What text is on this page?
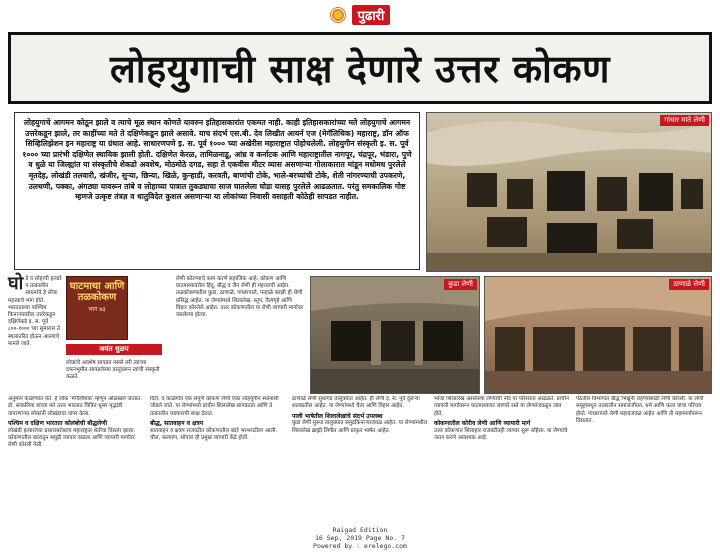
पुढारी
लोहयुगाची साक्ष देणारे उत्तर कोकण

लोहयुगाचे आगमन कोठून झाले व त्याचे मूळ स्थान कोणते यावरुन इतिहासकारांत एकमत नाही. काही इतिहासकारांच्या मते लोहयुगाचे आगमन उत्तरेकडून झाले, तर काहींच्या मते ते दक्षिणेकडून झाले असावे. याच संदर्भ एस.बी. देव लिखीत आयर्न एज (मेगॅलिथिक) महाराष्ट्र, डॉन ऑफ सिव्हिलिझेशन इन महाराष्ट्र या ग्रंथात आहे. साधारणपणे इ. स. पूर्व १००० च्या अखेरीस महाराष्ट्रात पोहोचलेली. लोहयुगीन संस्कृती इ. स. पूर्व १००० च्या प्रारंभी दक्षिणेत स्थायिक झाली होती. दक्षिणेत केरळ, तामिळनाडू, आंध्र व कर्नाटक आणि महाराष्ट्रातील नागपूर, चंद्रपूर, भंडारा, पुणे व धुळे या जिल्ह्यांत या संस्कृतीचे शेकडो अवशेष, मोठमोठे दगड, सहा ते एकवीस मीटर व्यास असणाऱ्या गोलाकारात मांडून मधोमध पुरलेले मृतदेह, लोखंडी तलवारी, खंजीर, सुऱ्या, छिन्या, खिळे, कुऱ्हाडी, करवती, बाणांची टोके, भाले-बरच्यांची टोके, शेती नांगरण्याची उपकरणे, उलथणी, पक्का, अंगठ्या यावरून तांबे व लोहाच्या पात्रात तुकड्याचा साज घातलेला घोडा यासह पुरलेले आढळतात. परंतु समकालिक गोष्ट म्हणजे उत्कृष्ट तंत्रज्ञ व धातुविदेत कुशल असणाऱ्या या लोकांच्या निवासी वसाहती कोठेही सापडत नाहीत.

गांधार माते लेणी
कुडा लेणी	ठाणाळे लेणी
घो डे व लोहाची हत्यारे व तत्कालीन साधनांचे हे लोक महत्त्वाचे भाग होते. भारतातल्या पाश्चिम किनाऱ्यावरील उत्तरेकडून दक्षिणेकडे इ. स. पूर्व ८००-१००० च्या सुमारास ते स्थलांतरित होऊन आल्याचे मानले जाते.
घाटमाथा आणि तळकोकण
भाग ७३
जयंत धुळप
लोकांचे अवशेष सापडत नसले तरी त्यांच्या दफनभूमीत सापडलेल्या वस्तूंवरून त्यांची संस्कृती कळते.
लेणी कोरण्याचे काम करणे सहाजिक आहे. कोकण आणि घाटमाथ्यावरील हिंदू, बौद्ध व जैन लेणी ही महत्त्वाची आहेत. तळकोकणातील कुडा, ठाणाळे, गांधारपाले, पन्हाळे काझी ही लेणी प्रसिद्ध आहेत. या लेण्यांमध्ये शिलालेख, स्तूप, चैत्यगृहे आणि विहार कोरलेले आहेत. उत्तर कोकणातील या लेणी व्यापारी मार्गावर वसलेल्या होत्या.
अनुमान काढण्यात येते. हे लोक 'मेगॅलिथिक' म्हणून ओळखले जातात. डॉ. सांकलिया यांच्या मते उत्तर भारतात चित्रित धूसर मृद्भांडी वापरणाऱ्या लोकांनी लोखंडाचा वापर केला.
पश्चिम व दक्षिण भारतात कोलंबोची बौद्धलेणी
लोखंडी हत्यारांच्या प्रसाराबरोबरच महाराष्ट्रात शेतीचा विस्तार झाला. कोकणातील बंदरांतून समुद्री व्यापार वाढला आणि व्यापारी मार्गांवर लेणी कोरली गेली.
दिले, व काळेगाँव एक संपूर्ण कोकण लेणी एका लोहयुगीन स्थानाशी जोडले जाते. या लेण्यांमध्ये प्राचीन शिलालेख सापडतात आणि ते तत्कालीन व्यापाराची साक्ष देतात.
बौद्ध, सातवाहन व क्षत्रप
सातवाहन व क्षत्रप राजवटीत कोकणातील बंदरे भरभराटीला आली. चौल, कल्याण, सोपारा ही प्रमुख व्यापारी केंद्रे होती.
ठाणाळे लेणी सुधागड तालुक्यात आहेत. ही लेणी इ. स. पूर्व दुसऱ्या शतकातील आहेत. या लेण्यांमध्ये चैत्य आणि विहार आहेत.
पाली भाषेतील शिलालेखांचे संदर्भ उपलब्ध
कुडा लेणी मुरूड तालुक्यात समुद्रकिनाऱ्याजवळ आहेत. या लेण्यांमधील शिलालेख ब्राह्मी लिपीत आणि प्राकृत भाषेत आहेत.
भोजा शिलालेख असलेल्या लेण्यांची नोंद या परिसरात आढळते. प्राचीन व्यापारी मार्गांवरून घाटमाथ्यावर जाणारे रस्ते या लेण्यांजवळून जात होते.
कोकणातील कोरीव लेणी आणि व्यापारी मार्ग
उत्तर कोकणात शिलाहार राजवटीतही व्यापार सुरू राहिला. या लेण्यांचे जतन करणे आवश्यक आहे.
पेठेतील विभागात बौद्ध भिक्षूंनी राहण्यासाठी लेणी कोरली. या लेणी समूहांमधून तत्कालीन समाजजीवन, धर्म आणि कला यांचा परिचय होतो. गांधारपाले लेणी महाडजवळ आहेत आणि ती महामार्गावरून दिसतात.
Raigad Edition
16 Sep, 2019 Page No. 7
Powered by : erelego.com
